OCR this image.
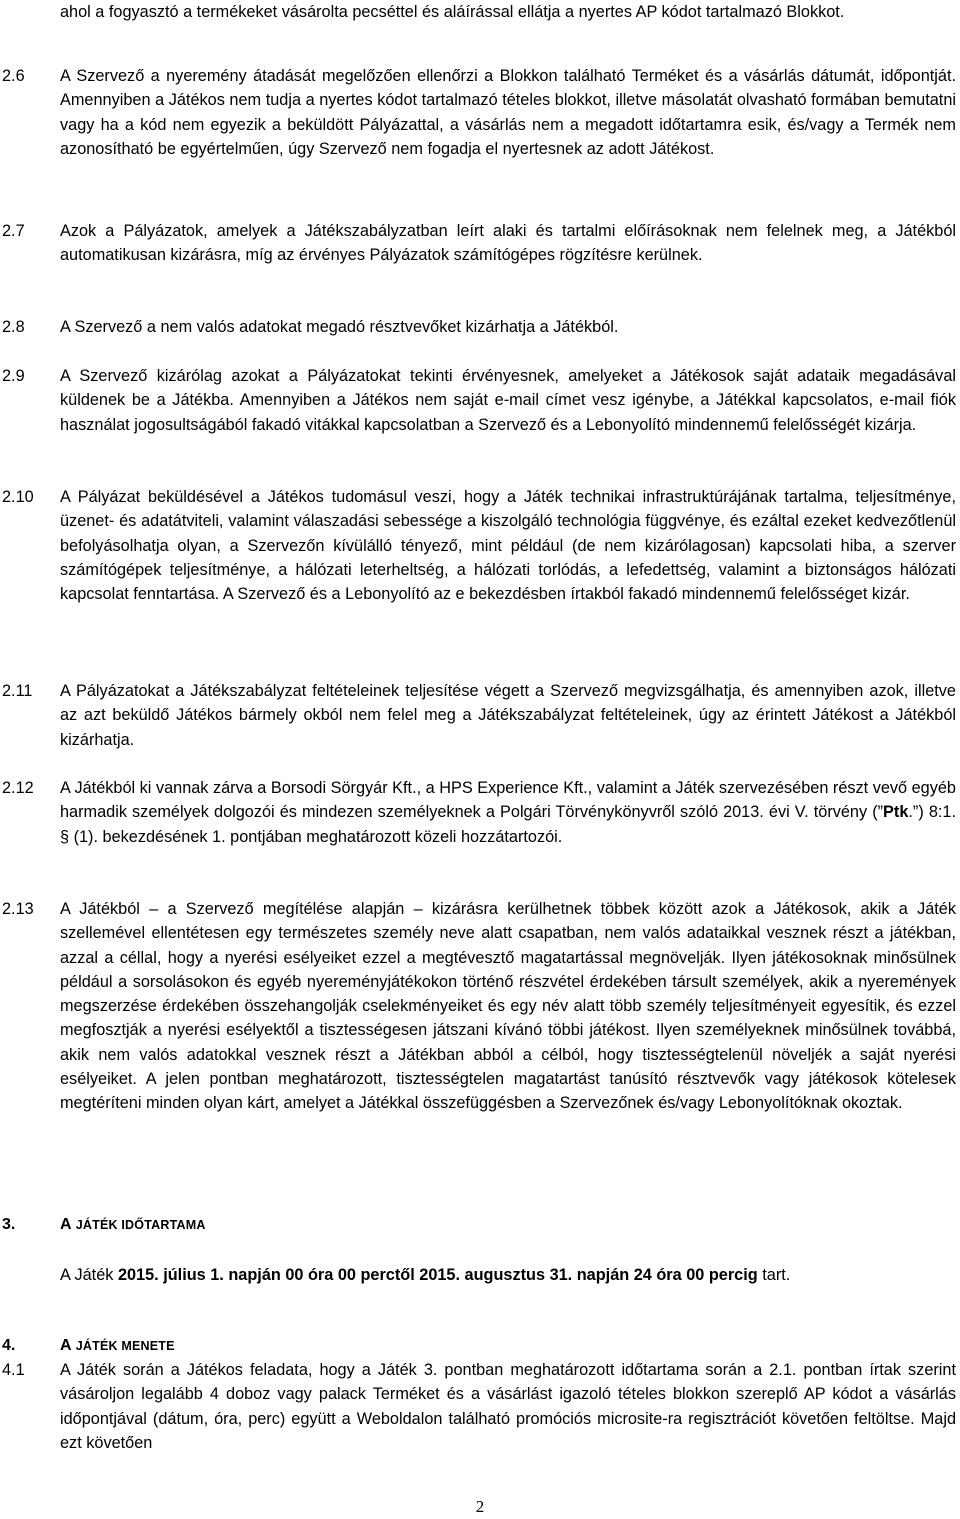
ahol a fogyasztó a termékeket vásárolta pecséttel és aláírással ellátja a nyertes AP kódot tartalmazó Blokkot.
2.6 A Szervező a nyeremény átadását megelőzően ellenőrzi a Blokkon található Terméket és a vásárlás dátumát, időpontját. Amennyiben a Játékos nem tudja a nyertes kódot tartalmazó tételes blokkot, illetve másolatát olvasható formában bemutatni vagy ha a kód nem egyezik a beküldött Pályázattal, a vásárlás nem a megadott időtartamra esik, és/vagy a Termék nem azonosítható be egyértelműen, úgy Szervező nem fogadja el nyertesnek az adott Játékost.
2.7 Azok a Pályázatok, amelyek a Játékszabályzatban leírt alaki és tartalmi előírásoknak nem felelnek meg, a Játékból automatikusan kizárásra, míg az érvényes Pályázatok számítógépes rögzítésre kerülnek.
2.8 A Szervező a nem valós adatokat megadó résztvevőket kizárhatja a Játékból.
2.9 A Szervező kizárólag azokat a Pályázatokat tekinti érvényesnek, amelyeket a Játékosok saját adataik megadásával küldenek be a Játékba. Amennyiben a Játékos nem saját e-mail címet vesz igénybe, a Játékkal kapcsolatos, e-mail fiók használat jogosultságából fakadó vitákkal kapcsolatban a Szervező és a Lebonyolító mindennemű felelősségét kizárja.
2.10 A Pályázat beküldésével a Játékos tudomásul veszi, hogy a Játék technikai infrastruktúrájának tartalma, teljesítménye, üzenet- és adatátviteli, valamint válaszadási sebessége a kiszolgáló technológia függvénye, és ezáltal ezeket kedvezőtlenül befolyásolhatja olyan, a Szervezőn kívülálló tényező, mint például (de nem kizárólagosan) kapcsolati hiba, a szerver számítógépek teljesítménye, a hálózati leterheltség, a hálózati torlódás, a lefedettség, valamint a biztonságos hálózati kapcsolat fenntartása. A Szervező és a Lebonyolító az e bekezdésben írtakból fakadó mindennemű felelősséget kizár.
2.11 A Pályázatokat a Játékszabályzat feltételeinek teljesítése végett a Szervező megvizsgálhatja, és amennyiben azok, illetve az azt beküldő Játékos bármely okból nem felel meg a Játékszabályzat feltételeinek, úgy az érintett Játékost a Játékból kizárhatja.
2.12 A Játékból ki vannak zárva a Borsodi Sörgyár Kft., a HPS Experience Kft., valamint a Játék szervezésében részt vevő egyéb harmadik személyek dolgozói és mindezen személyeknek a Polgári Törvénykönyvről szóló 2013. évi V. törvény (”Ptk.”) 8:1. § (1). bekezdésének 1. pontjában meghatározott közeli hozzátartozói.
2.13 A Játékból – a Szervező megítélése alapján – kizárásra kerülhetnek többek között azok a Játékosok, akik a Játék szellemével ellentétesen egy természetes személy neve alatt csapatban, nem valós adataikkal vesznek részt a játékban, azzal a céllal, hogy a nyerési esélyeiket ezzel a megtévesztő magatartással megnövelják. Ilyen játékosoknak minősülnek például a sorsolásokon és egyéb nyereményjátékokon történő részvétel érdekében társult személyek, akik a nyeremények megszerzése érdekében összehangolják cselekményeiket és egy név alatt több személy teljesítményeit egyesítik, és ezzel megfosztják a nyerési esélyektől a tisztességesen játszani kívánó többi játékost. Ilyen személyeknek minősülnek továbbá, akik nem valós adatokkal vesznek részt a Játékban abból a célból, hogy tisztességtelenül növeljék a saját nyerési esélyeiket. A jelen pontban meghatározott, tisztességtelen magatartást tanúsító résztvevők vagy játékosok kötelesek megtéríteni minden olyan kárt, amelyet a Játékkal összefüggésben a Szervezőnek és/vagy Lebonyolítóknak okoztak.
3.	A JÁTÉK IDŐTARTAMA
A Játék 2015. július 1. napján 00 óra 00 perctől 2015. augusztus 31. napján 24 óra 00 percig tart.
4.	A JÁTÉK MENETE
4.1 A Játék során a Játékos feladata, hogy a Játék 3. pontban meghatározott időtartama során a 2.1. pontban írtak szerint vásároljon legalább 4 doboz vagy palack Terméket és a vásárlást igazoló tételes blokkon szereplő AP kódot a vásárlás időpontjával (dátum, óra, perc) együtt a Weboldalon található promóciós microsite-ra regisztrációt követően feltöltse. Majd ezt követően
2
